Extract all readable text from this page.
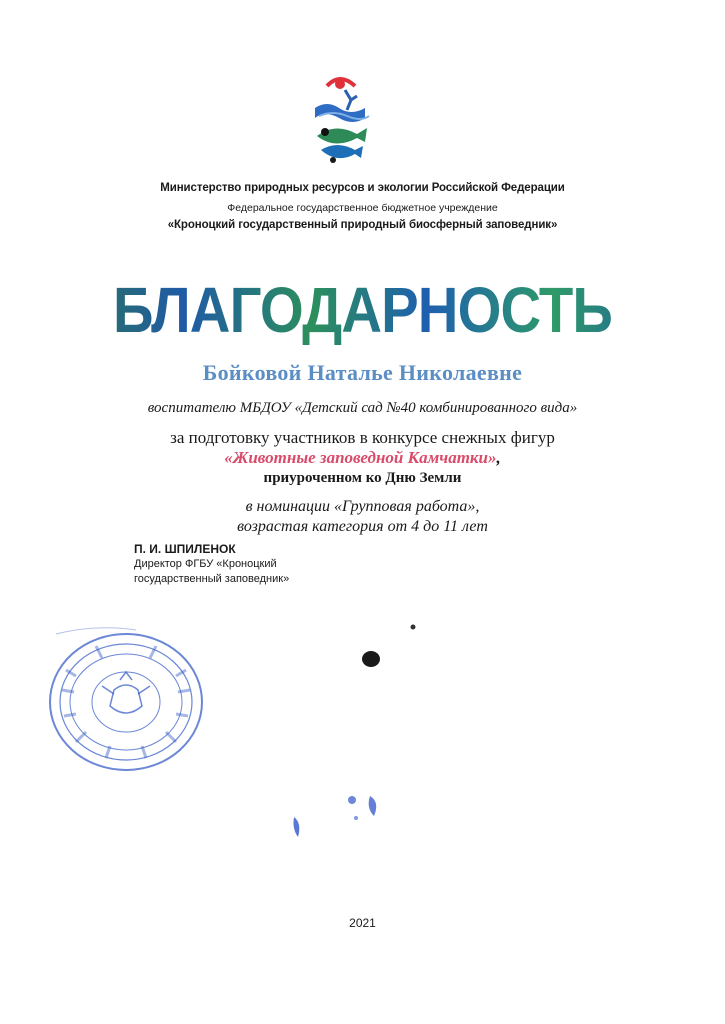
Министерство природных ресурсов и экологии Российской Федерации
Федеральное государственное бюджетное учреждение
«Кроноцкий государственный природный биосферный заповедник»
БЛАГОДАРНОСТЬ
Бойковой Наталье Николаевне
воспитателю МБДОУ «Детский сад №40 комбинированного вида»
за подготовку участников в конкурсе снежных фигур
«Животные заповедной Камчатки»,
приуроченном ко Дню Земли
в номинации «Групповая работа»,
возрастая категория от 4 до 11 лет
П. И. ШПИЛЕНОК
Директор ФГБУ «Кроноцкий
государственный заповедник»
2021
